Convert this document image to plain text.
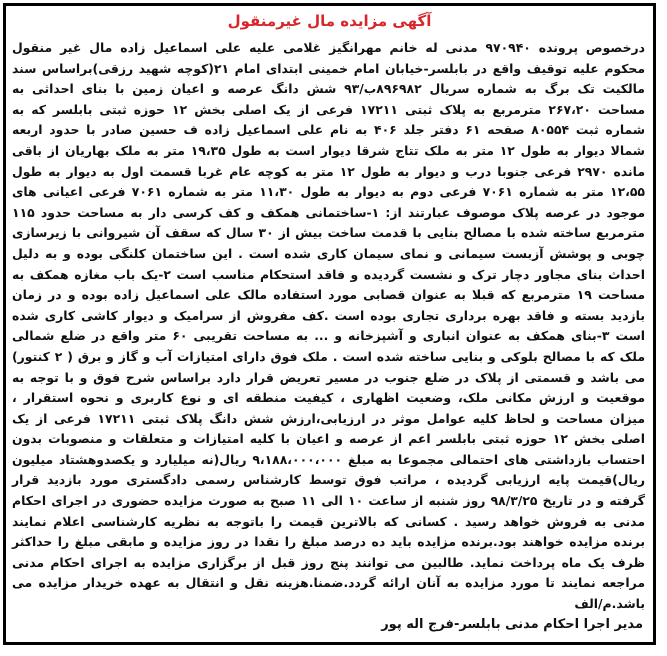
آگهی مزایده مال غیرمنقول
درخصوص پرونده ۹۷۰۹۴۰ مدنی له خانم مهرانگیز غلامی علیه علی اسماعیل زاده مال غیر منقول محکوم علیه توقیف واقع در بابلسر-خیابان امام خمینی ابتدای امام ۲۱(کوچه شهید رزقی)براساس سند مالکیت تک برگ به شماره سریال ۸۹۶۹۸۲ب/۹۳ شش دانگ عرصه و اعیان زمین با بنای احداثی به مساحت ۲۶۷،۲۰ مترمربع به پلاک ثبتی ۱۷۲۱۱ فرعی از یک اصلی بخش ۱۲ حوزه ثبتی بابلسر که به شماره ثبت ۸۰۵۵۴ صفحه ۶۱ دفتر جلد ۴۰۶ به نام علی اسماعیل زاده ف حسین صادر با حدود اربعه شمالا دیوار به طول ۱۲ متر به ملک تتاج شرقا دیوار است به طول ۱۹،۳۵ متر به ملک بهاریان از باقی مانده ۲۹۷۰ فرعی جنوبا درب و دیوار به طول ۱۲ متر به کوچه عام غربا قسمت اول به دیوار به طول ۱۲،۵۵ متر به شماره ۷۰۶۱ فرعی دوم به دیوار به طول ۱۱،۳۰ متر به شماره ۷۰۶۱ فرعی اعیانی های موجود در عرصه پلاک موصوف عبارتند از: ۱-ساختمانی همکف و کف کرسی دار به مساحت حدود ۱۱۵ مترمربع ساخته شده با مصالح بنایی با قدمت ساخت بیش از ۳۰ سال که سقف آن شیروانی با زیرسازی چوبی و پوشش آزبست سیمانی و نمای سیمان کاری شده است . این ساختمان کلنگی بوده و به دلیل احداث بنای مجاور دچار ترک و نشست گردیده و فاقد استحکام مناسب است ۲-یک باب مغازه همکف به مساحت ۱۹ مترمربع که قبلا به عنوان قصابی مورد استفاده مالک علی اسماعیل زاده بوده و در زمان بازدید بسته و فاقد بهره برداری تجاری بوده است .کف مفروش از سرامیک و دیوار کاشی کاری شده است ۳-بنای همکف به عنوان انباری و آشپزخانه و ... به مساحت تقریبی ۶۰ متر واقع در ضلع شمالی ملک که با مصالح بلوکی و بنایی ساخته شده است . ملک فوق دارای امتیازات آب و گاز و برق ( ۲ کنتور) می باشد و قسمتی از پلاک در ضلع جنوب در مسیر تعریض قرار دارد براساس شرح فوق و با توجه به موقعیت و ارزش مکانی ملک، وضعیت اظهاری ، کیفیت منطقه ای و نوع کاربری و نحوه استقرار ، میزان مساحت و لحاظ کلیه عوامل موثر در ارزیابی،ارزش شش دانگ پلاک ثبتی ۱۷۲۱۱ فرعی از یک اصلی بخش ۱۲ حوزه ثبتی بابلسر اعم از عرصه و اعیان با کلیه امتیازات و متعلقات و منصوبات بدون احتساب بازداشتی های احتمالی مجموعا به مبلغ ۹،۱۸۸،۰۰۰،۰۰۰ ریال(نه میلیارد و یکصدوهشتاد میلیون ریال)قیمت پایه ارزیابی گردیده ، مراتب فوق توسط کارشناس رسمی دادگستری مورد بازدید قرار گرفته و در تاریخ ۹۸/۳/۲۵ روز شنبه از ساعت ۱۰ الی ۱۱ صبح به صورت مزایده حضوری در اجرای احکام مدنی به فروش خواهد رسید . کسانی که بالاترین قیمت را باتوجه به نظریه کارشناسی اعلام نمایند برنده مزایده خواهند بود.برنده مزایده باید ده درصد مبلغ را نقدا در روز مزایده و مابقی مبلغ را حداکثر ظرف یک ماه پرداخت نماید. طالبین می توانند پنج روز قبل از برگزاری مزایده به اجرای احکام مدنی مراجعه نمایند تا مورد مزایده به آنان ارائه گردد.ضمنا.هزینه نقل و انتقال به عهده خریدار مزایده می باشد.م/الف
مدیر اجرا احکام مدنی بابلسر-فرج اله پور
